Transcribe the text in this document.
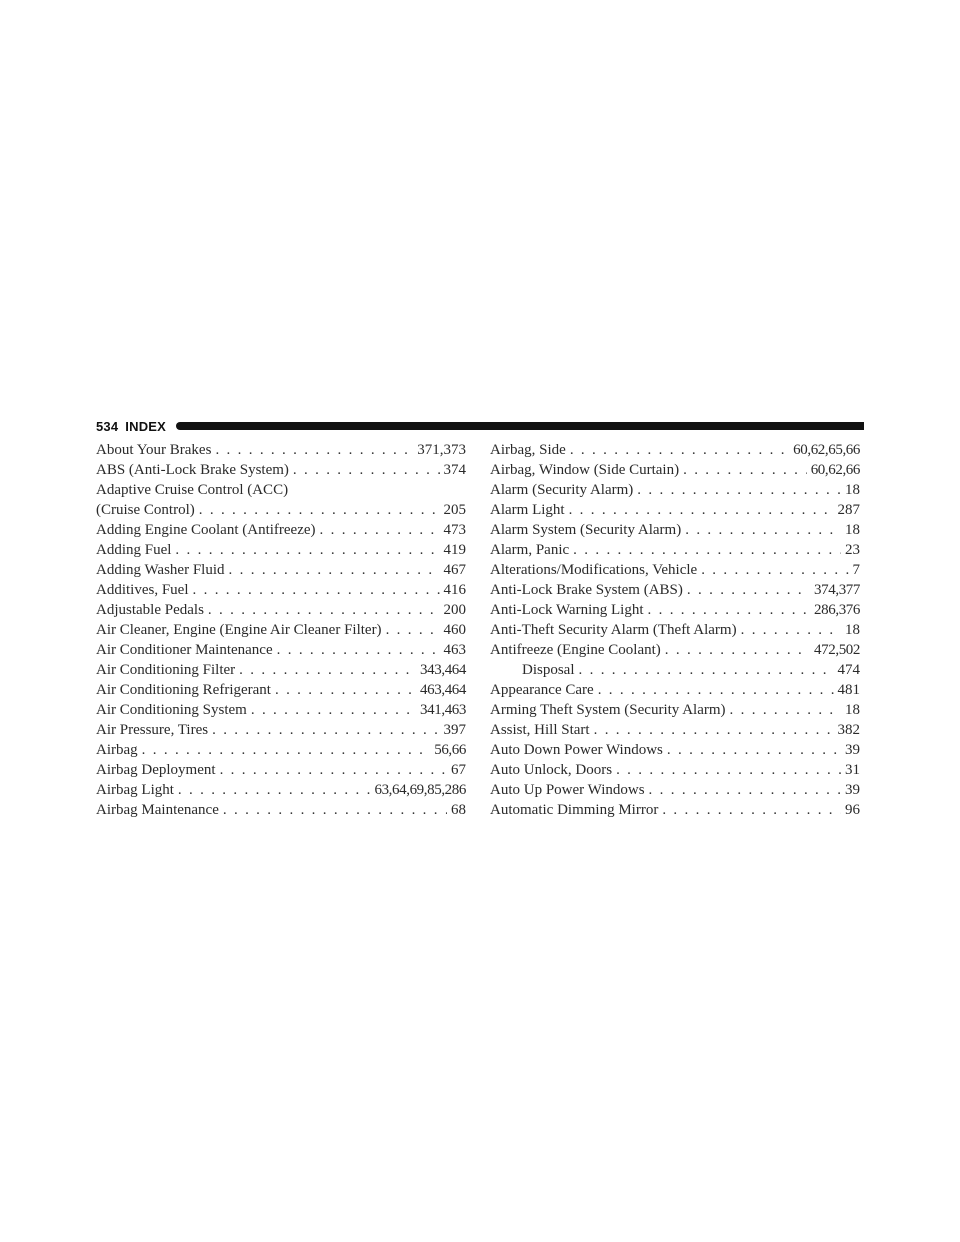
534 INDEX
About Your Brakes . . .	371,373
ABS (Anti-Lock Brake System) . . .	374
Adaptive Cruise Control (ACC)
(Cruise Control) . . .	205
Adding Engine Coolant (Antifreeze) . . .	473
Adding Fuel . . .	419
Adding Washer Fluid . . .	467
Additives, Fuel . . .	416
Adjustable Pedals . . .	200
Air Cleaner, Engine (Engine Air Cleaner Filter) . . .	460
Air Conditioner Maintenance . . .	463
Air Conditioning Filter . . .	343,464
Air Conditioning Refrigerant . . .	463,464
Air Conditioning System . . .	341,463
Air Pressure, Tires . . .	397
Airbag . . .	56,66
Airbag Deployment . . .	67
Airbag Light . . .	63,64,69,85,286
Airbag Maintenance . . .	68
Airbag, Side . . .	60,62,65,66
Airbag, Window (Side Curtain) . . .	60,62,66
Alarm (Security Alarm) . . .	18
Alarm Light . . .	287
Alarm System (Security Alarm) . . .	18
Alarm, Panic . . .	23
Alterations/Modifications, Vehicle . . .	7
Anti-Lock Brake System (ABS) . . .	374,377
Anti-Lock Warning Light . . .	286,376
Anti-Theft Security Alarm (Theft Alarm) . . .	18
Antifreeze (Engine Coolant) . . .	472,502
Disposal . . .	474
Appearance Care . . .	481
Arming Theft System (Security Alarm) . . .	18
Assist, Hill Start . . .	382
Auto Down Power Windows . . .	39
Auto Unlock, Doors . . .	31
Auto Up Power Windows . . .	39
Automatic Dimming Mirror . . .	96
